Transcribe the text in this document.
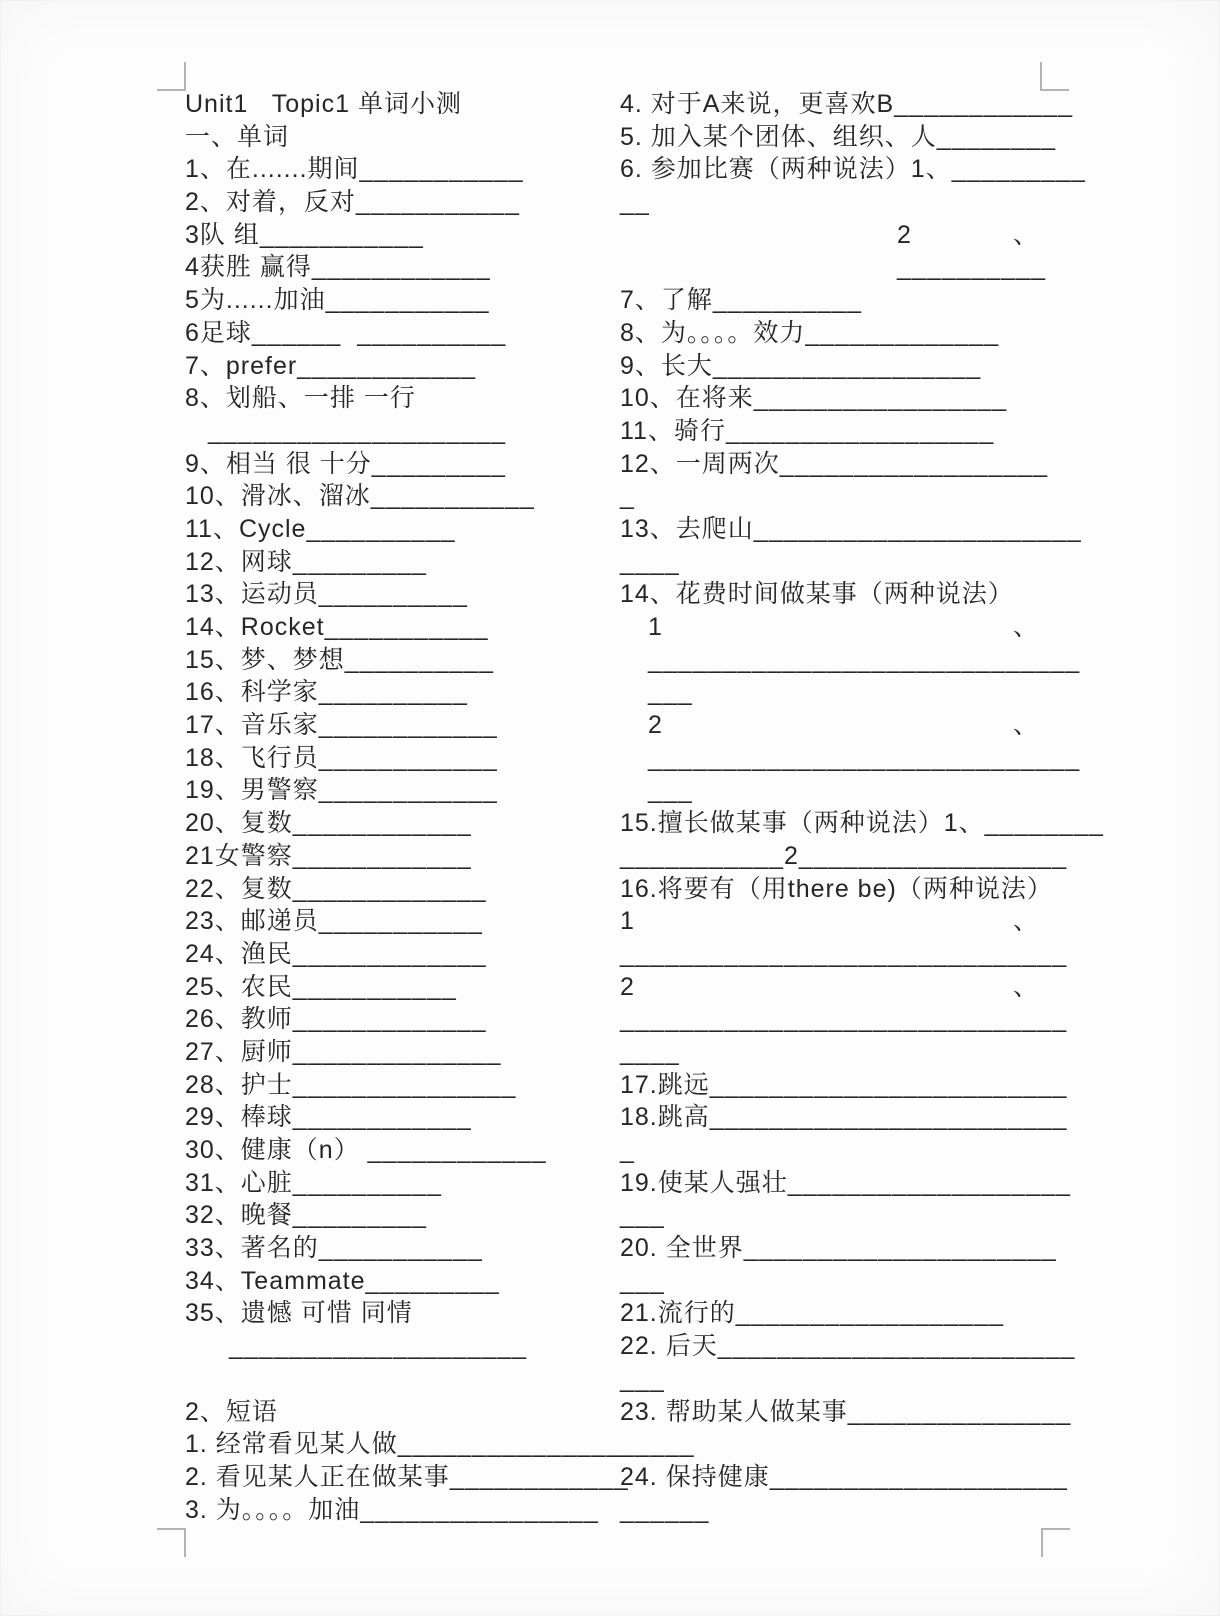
Unit1   Topic1 单词小测
一、单词
1、在.......期间___________
2、对着，反对___________
3队 组___________
4获胜 赢得____________
5为......加油___________
6足球______  __________
7、prefer____________
8、划船、一排 一行
____________________
9、相当 很 十分_________
10、滑冰、溜冰___________
11、Cycle__________
12、网球_________
13、运动员__________
14、Rocket___________
15、梦、梦想__________
16、科学家__________
17、音乐家____________
18、飞行员____________
19、男警察____________
20、复数____________
21女警察____________
22、复数_____________
23、邮递员___________
24、渔民_____________
25、农民___________
26、教师_____________
27、厨师______________
28、护士_______________
29、棒球____________
30、健康（n） ____________
31、心脏__________
32、晚餐_________
33、著名的___________
34、Teammate_________
35、遗憾 可惜 同情
____________________
2、短语
1. 经常看见某人做_______________
2. 看见某人正在做某事____________
3. 为。。。。加油________________
4. 对于A来说，更喜欢B____________
5. 加入某个团体、组织、人________
6. 参加比赛（两种说法）1、_________
__
2	、
__________
7、了解__________
8、为。。。。效力_____________
9、长大__________________
10、在将来_________________
11、骑行__________________
12、一周两次__________________
_
13、去爬山______________________
____
14、花费时间做某事（两种说法）
1	、
_____________________________
___
2	、
_____________________________
___
15.擅长做某事（两种说法）1、________
___________2__________________
16.将要有（用there be)（两种说法）
1	、
______________________________
2	、
______________________________
____
17.跳远________________________
18.跳高________________________
_
19.使某人强壮___________________
___
20. 全世界_____________________
___
21.流行的__________________
22. 后天________________________
___
23. 帮助某人做某事_______________
_____
24. 保持健康____________________
______
